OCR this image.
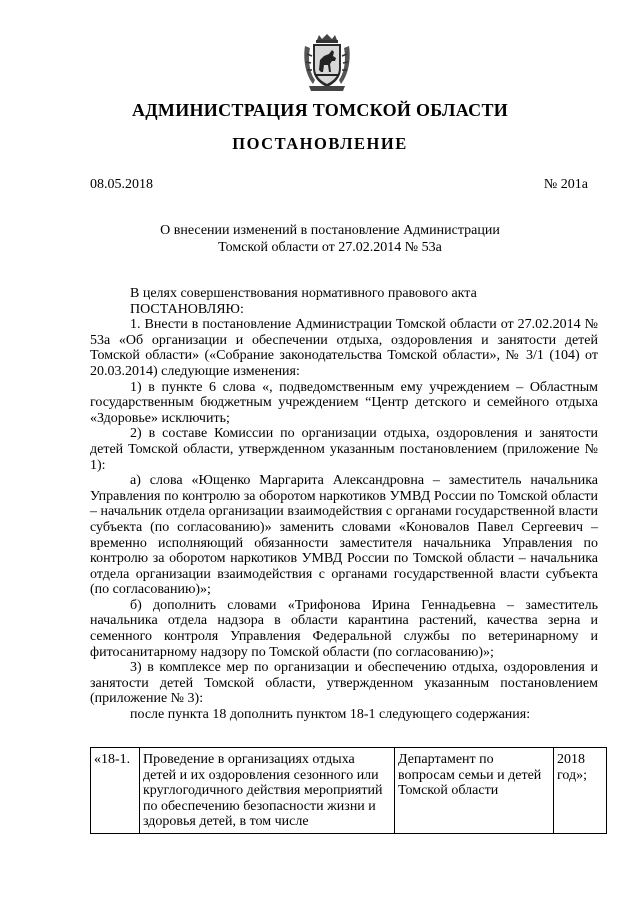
АДМИНИСТРАЦИЯ ТОМСКОЙ ОБЛАСТИ
ПОСТАНОВЛЕНИЕ
08.05.2018	№ 201а
О внесении изменений в постановление Администрации
Томской области от 27.02.2014 № 53а

В целях совершенствования нормативного правового акта

ПОСТАНОВЛЯЮ:

1. Внести в постановление Администрации Томской области от 27.02.2014 № 53а «Об организации и обеспечении отдыха, оздоровления и занятости детей Томской области» («Собрание законодательства Томской области», № 3/1 (104) от 20.03.2014) следующие изменения:

1) в пункте 6 слова «, подведомственным ему учреждением – Областным государственным бюджетным учреждением “Центр детского и семейного отдыха «Здоровье» исключить;

2) в составе Комиссии по организации отдыха, оздоровления и занятости детей Томской области, утвержденном указанным постановлением (приложение № 1):

а) слова «Ющенко Маргарита Александровна – заместитель начальника Управления по контролю за оборотом наркотиков УМВД России по Томской области – начальник отдела организации взаимодействия с органами государственной власти субъекта (по согласованию)» заменить словами «Коновалов Павел Сергеевич – временно исполняющий обязанности заместителя начальника Управления по контролю за оборотом наркотиков УМВД России по Томской области – начальника отдела организации взаимодействия с органами государственной власти субъекта (по согласованию)»;

б) дополнить словами «Трифонова Ирина Геннадьевна – заместитель начальника отдела надзора в области карантина растений, качества зерна и семенного контроля Управления Федеральной службы по ветеринарному и фитосанитарному надзору по Томской области (по согласованию)»;

3) в комплексе мер по организации и обеспечению отдыха, оздоровления и занятости детей Томской области, утвержденном указанным постановлением (приложение № 3):

после пункта 18 дополнить пунктом 18-1 следующего содержания:

«18-1.	Проведение в организациях отдыха детей и их оздоровления сезонного или круглогодичного действия мероприятий по обеспечению безопасности жизни и здоровья детей, в том числе	Департамент по вопросам семьи и детей Томской области	2018 год»;
